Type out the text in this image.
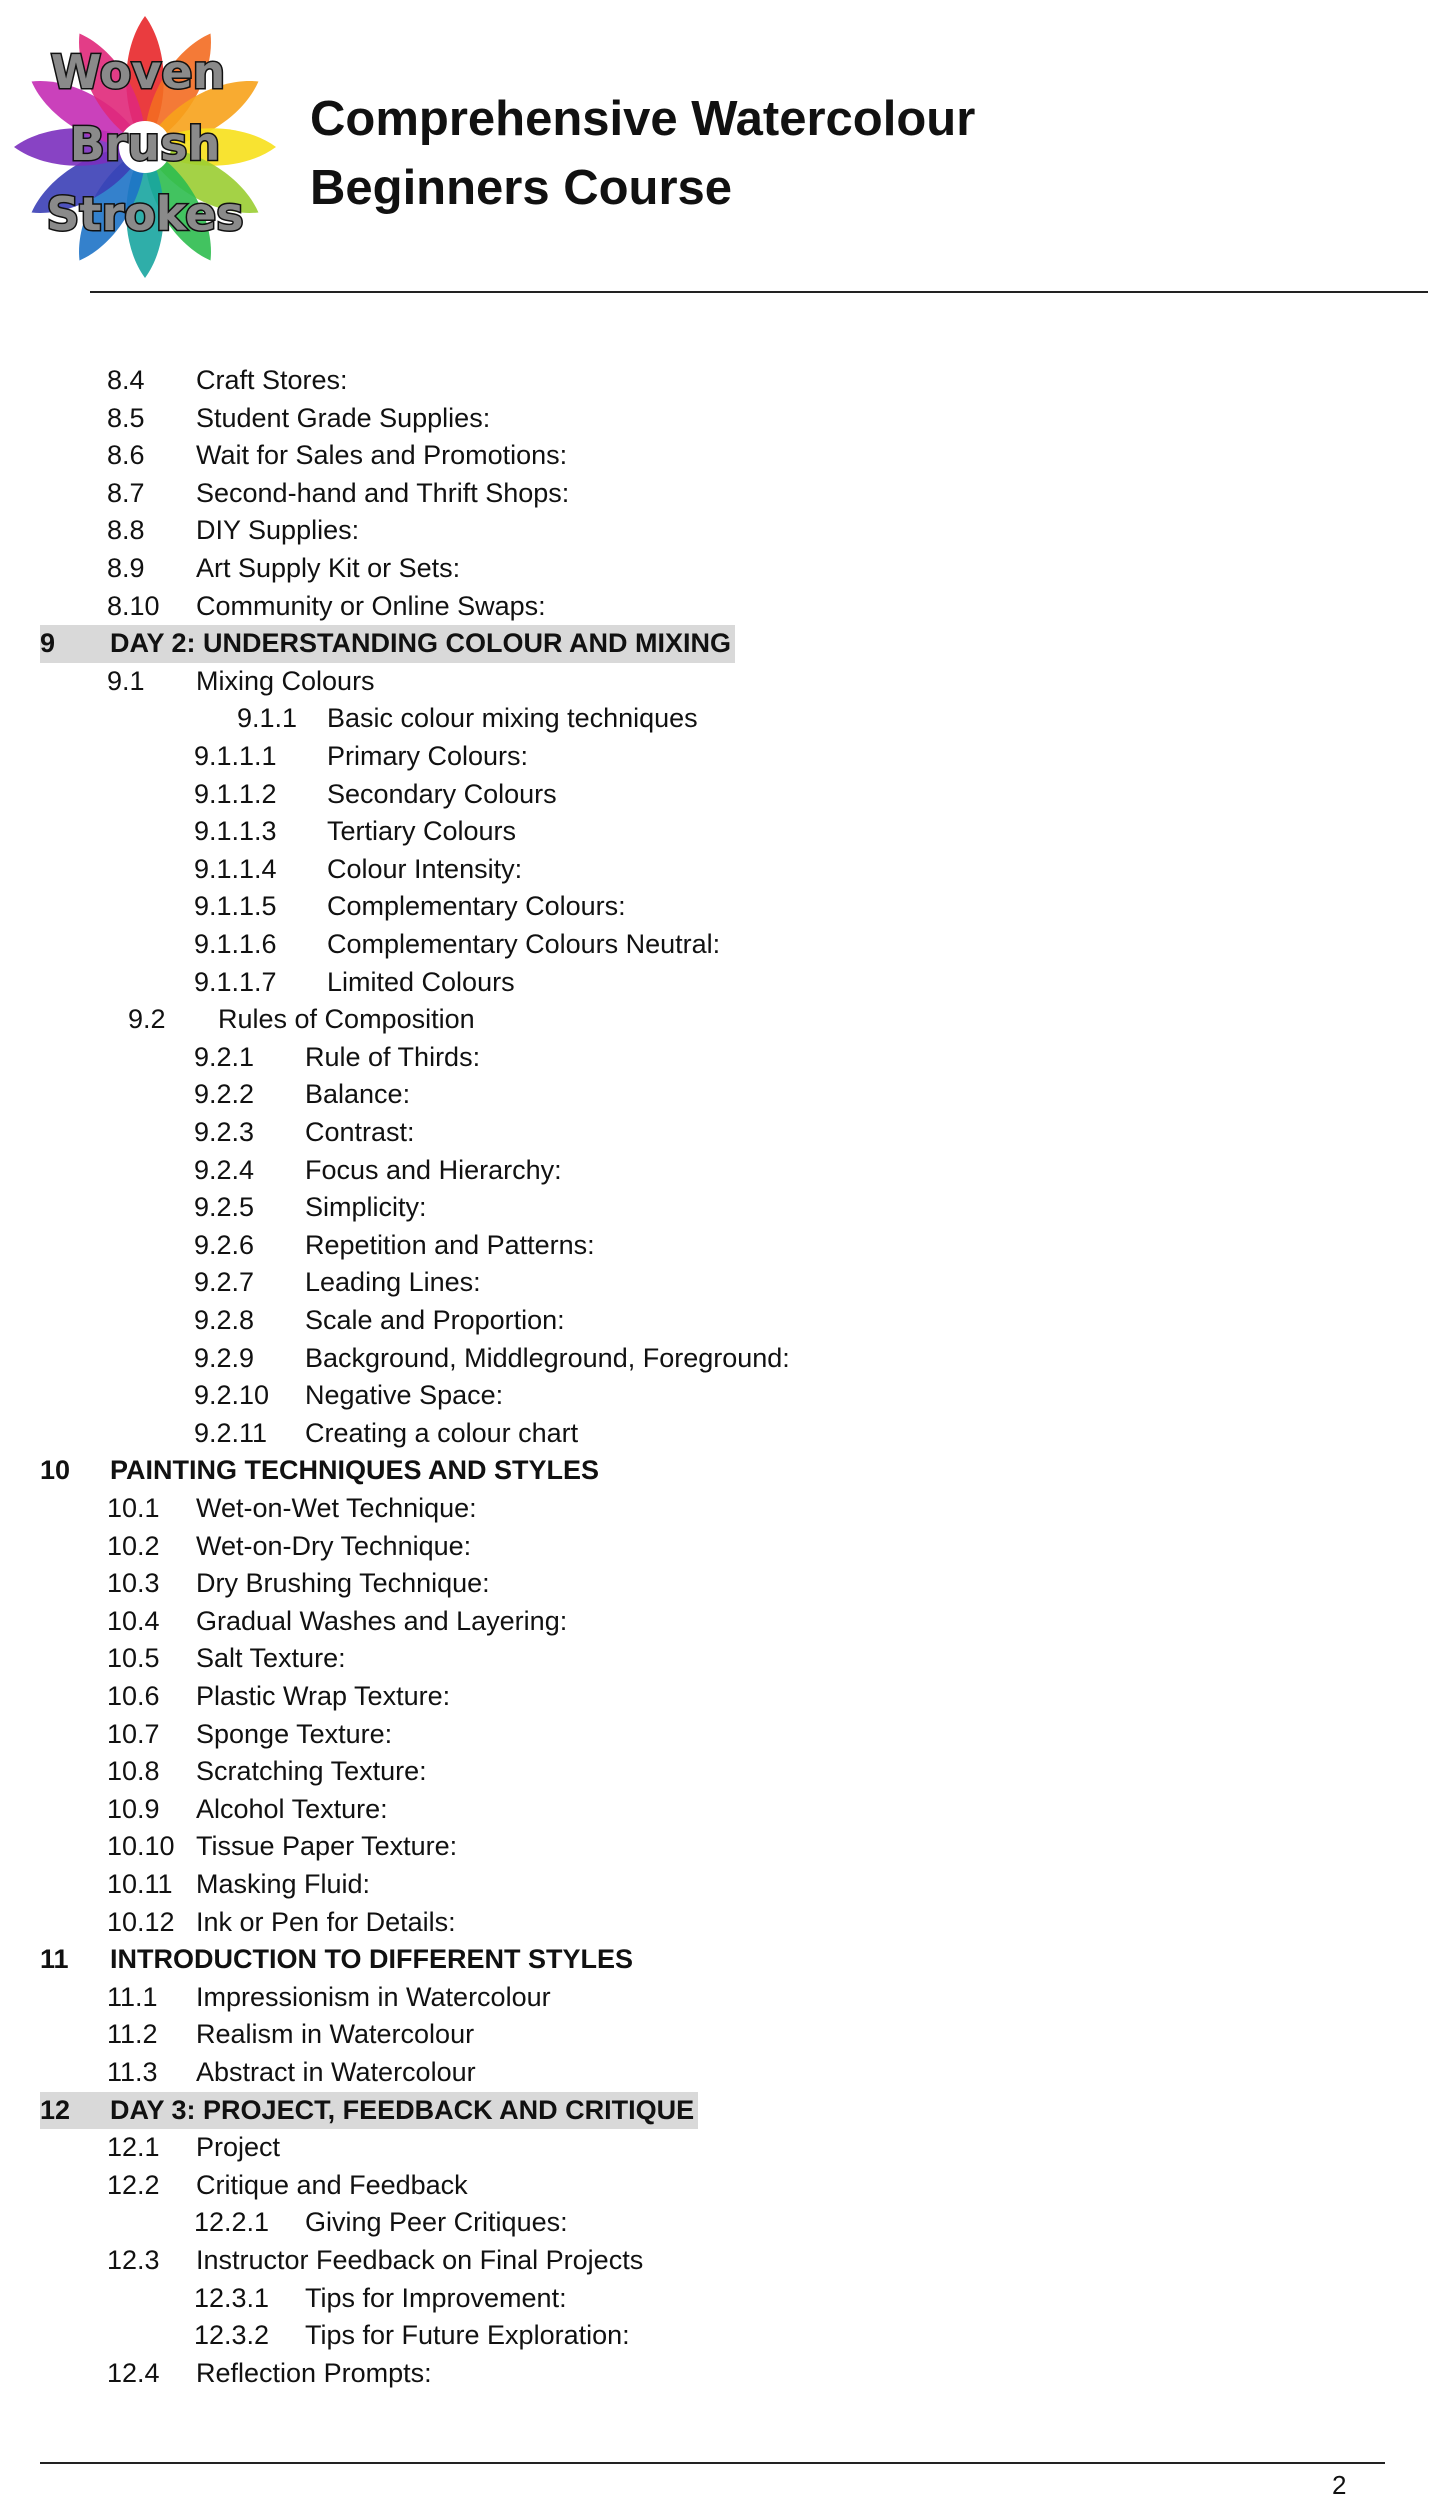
Woven
Brush
Strokes
Comprehensive Watercolour
Beginners Course
8.4	Craft Stores:
8.5	Student Grade Supplies:
8.6	Wait for Sales and Promotions:
8.7	Second-hand and Thrift Shops:
8.8	DIY Supplies:
8.9	Art Supply Kit or Sets:
8.10	Community or Online Swaps:
9	DAY 2: UNDERSTANDING COLOUR AND MIXING
9.1	Mixing Colours
9.1.1	Basic colour mixing techniques
9.1.1.1	Primary Colours:
9.1.1.2	Secondary Colours
9.1.1.3	Tertiary Colours
9.1.1.4	Colour Intensity:
9.1.1.5	Complementary Colours:
9.1.1.6	Complementary Colours Neutral:
9.1.1.7	Limited Colours
9.2	Rules of Composition
9.2.1	Rule of Thirds:
9.2.2	Balance:
9.2.3	Contrast:
9.2.4	Focus and Hierarchy:
9.2.5	Simplicity:
9.2.6	Repetition and Patterns:
9.2.7	Leading Lines:
9.2.8	Scale and Proportion:
9.2.9	Background, Middleground, Foreground:
9.2.10	Negative Space:
9.2.11	Creating a colour chart
10	PAINTING TECHNIQUES AND STYLES
10.1	Wet-on-Wet Technique:
10.2	Wet-on-Dry Technique:
10.3	Dry Brushing Technique:
10.4	Gradual Washes and Layering:
10.5	Salt Texture:
10.6	Plastic Wrap Texture:
10.7	Sponge Texture:
10.8	Scratching Texture:
10.9	Alcohol Texture:
10.10 Tissue Paper Texture:
10.11 Masking Fluid:
10.12 Ink or Pen for Details:
11	INTRODUCTION TO DIFFERENT STYLES
11.1	Impressionism in Watercolour
11.2	Realism in Watercolour
11.3	Abstract in Watercolour
12	DAY 3: PROJECT, FEEDBACK AND CRITIQUE
12.1	Project
12.2	Critique and Feedback
12.2.1	Giving Peer Critiques:
12.3	Instructor Feedback on Final Projects
12.3.1	Tips for Improvement:
12.3.2	Tips for Future Exploration:
12.4	Reflection Prompts:
2
